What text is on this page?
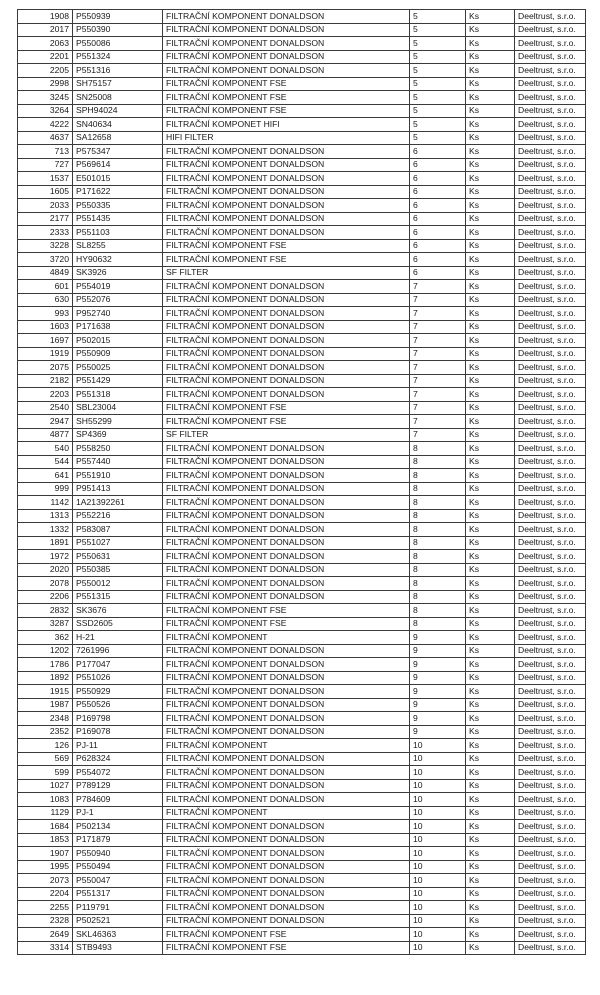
1908	P550939	FILTRAČNÍ KOMPONENT DONALDSON	5	Ks	Deeltrust, s.r.o.
2017	P550390	FILTRAČNÍ KOMPONENT DONALDSON	5	Ks	Deeltrust, s.r.o.
2063	P550086	FILTRAČNÍ KOMPONENT DONALDSON	5	Ks	Deeltrust, s.r.o.
2201	P551324	FILTRAČNÍ KOMPONENT DONALDSON	5	Ks	Deeltrust, s.r.o.
2205	P551316	FILTRAČNÍ KOMPONENT DONALDSON	5	Ks	Deeltrust, s.r.o.
2998	SH75157	FILTRAČNÍ KOMPONENT FSE	5	Ks	Deeltrust, s.r.o.
3245	SN25008	FILTRAČNÍ KOMPONENT FSE	5	Ks	Deeltrust, s.r.o.
3264	SPH94024	FILTRAČNÍ KOMPONENT FSE	5	Ks	Deeltrust, s.r.o.
4222	SN40634	FILTRAČNÍ KOMPONET HIFI	5	Ks	Deeltrust, s.r.o.
4637	SA12658	HIFI FILTER	5	Ks	Deeltrust, s.r.o.
713	P575347	FILTRAČNÍ KOMPONENT DONALDSON	6	Ks	Deeltrust, s.r.o.
727	P569614	FILTRAČNÍ KOMPONENT DONALDSON	6	Ks	Deeltrust, s.r.o.
1537	E501015	FILTRAČNÍ KOMPONENT DONALDSON	6	Ks	Deeltrust, s.r.o.
1605	P171622	FILTRAČNÍ KOMPONENT DONALDSON	6	Ks	Deeltrust, s.r.o.
2033	P550335	FILTRAČNÍ KOMPONENT DONALDSON	6	Ks	Deeltrust, s.r.o.
2177	P551435	FILTRAČNÍ KOMPONENT DONALDSON	6	Ks	Deeltrust, s.r.o.
2333	P551103	FILTRAČNÍ KOMPONENT DONALDSON	6	Ks	Deeltrust, s.r.o.
3228	SL8255	FILTRAČNÍ KOMPONENT FSE	6	Ks	Deeltrust, s.r.o.
3720	HY90632	FILTRAČNÍ KOMPONENT FSE	6	Ks	Deeltrust, s.r.o.
4849	SK3926	SF FILTER	6	Ks	Deeltrust, s.r.o.
601	P554019	FILTRAČNÍ KOMPONENT DONALDSON	7	Ks	Deeltrust, s.r.o.
630	P552076	FILTRAČNÍ KOMPONENT DONALDSON	7	Ks	Deeltrust, s.r.o.
993	P952740	FILTRAČNÍ KOMPONENT DONALDSON	7	Ks	Deeltrust, s.r.o.
1603	P171638	FILTRAČNÍ KOMPONENT DONALDSON	7	Ks	Deeltrust, s.r.o.
1697	P502015	FILTRAČNÍ KOMPONENT DONALDSON	7	Ks	Deeltrust, s.r.o.
1919	P550909	FILTRAČNÍ KOMPONENT DONALDSON	7	Ks	Deeltrust, s.r.o.
2075	P550025	FILTRAČNÍ KOMPONENT DONALDSON	7	Ks	Deeltrust, s.r.o.
2182	P551429	FILTRAČNÍ KOMPONENT DONALDSON	7	Ks	Deeltrust, s.r.o.
2203	P551318	FILTRAČNÍ KOMPONENT DONALDSON	7	Ks	Deeltrust, s.r.o.
2540	SBL23004	FILTRAČNÍ KOMPONENT FSE	7	Ks	Deeltrust, s.r.o.
2947	SH55299	FILTRAČNÍ KOMPONENT FSE	7	Ks	Deeltrust, s.r.o.
4877	SP4369	SF FILTER	7	Ks	Deeltrust, s.r.o.
540	P558250	FILTRAČNÍ KOMPONENT DONALDSON	8	Ks	Deeltrust, s.r.o.
544	P557440	FILTRAČNÍ KOMPONENT DONALDSON	8	Ks	Deeltrust, s.r.o.
641	P551910	FILTRAČNÍ KOMPONENT DONALDSON	8	Ks	Deeltrust, s.r.o.
999	P951413	FILTRAČNÍ KOMPONENT DONALDSON	8	Ks	Deeltrust, s.r.o.
1142	1A21392261	FILTRAČNÍ KOMPONENT DONALDSON	8	Ks	Deeltrust, s.r.o.
1313	P552216	FILTRAČNÍ KOMPONENT DONALDSON	8	Ks	Deeltrust, s.r.o.
1332	P583087	FILTRAČNÍ KOMPONENT DONALDSON	8	Ks	Deeltrust, s.r.o.
1891	P551027	FILTRAČNÍ KOMPONENT DONALDSON	8	Ks	Deeltrust, s.r.o.
1972	P550631	FILTRAČNÍ KOMPONENT DONALDSON	8	Ks	Deeltrust, s.r.o.
2020	P550385	FILTRAČNÍ KOMPONENT DONALDSON	8	Ks	Deeltrust, s.r.o.
2078	P550012	FILTRAČNÍ KOMPONENT DONALDSON	8	Ks	Deeltrust, s.r.o.
2206	P551315	FILTRAČNÍ KOMPONENT DONALDSON	8	Ks	Deeltrust, s.r.o.
2832	SK3676	FILTRAČNÍ KOMPONENT FSE	8	Ks	Deeltrust, s.r.o.
3287	SSD2605	FILTRAČNÍ KOMPONENT FSE	8	Ks	Deeltrust, s.r.o.
362	H-21	FILTRAČNÍ KOMPONENT	9	Ks	Deeltrust, s.r.o.
1202	7261996	FILTRAČNÍ KOMPONENT DONALDSON	9	Ks	Deeltrust, s.r.o.
1786	P177047	FILTRAČNÍ KOMPONENT DONALDSON	9	Ks	Deeltrust, s.r.o.
1892	P551026	FILTRAČNÍ KOMPONENT DONALDSON	9	Ks	Deeltrust, s.r.o.
1915	P550929	FILTRAČNÍ KOMPONENT DONALDSON	9	Ks	Deeltrust, s.r.o.
1987	P550526	FILTRAČNÍ KOMPONENT DONALDSON	9	Ks	Deeltrust, s.r.o.
2348	P169798	FILTRAČNÍ KOMPONENT DONALDSON	9	Ks	Deeltrust, s.r.o.
2352	P169078	FILTRAČNÍ KOMPONENT DONALDSON	9	Ks	Deeltrust, s.r.o.
126	PJ-11	FILTRAČNÍ KOMPONENT	10	Ks	Deeltrust, s.r.o.
569	P628324	FILTRAČNÍ KOMPONENT DONALDSON	10	Ks	Deeltrust, s.r.o.
599	P554072	FILTRAČNÍ KOMPONENT DONALDSON	10	Ks	Deeltrust, s.r.o.
1027	P789129	FILTRAČNÍ KOMPONENT DONALDSON	10	Ks	Deeltrust, s.r.o.
1083	P784609	FILTRAČNÍ KOMPONENT DONALDSON	10	Ks	Deeltrust, s.r.o.
1129	PJ-1	FILTRAČNÍ KOMPONENT	10	Ks	Deeltrust, s.r.o.
1684	P502134	FILTRAČNÍ KOMPONENT DONALDSON	10	Ks	Deeltrust, s.r.o.
1853	P171879	FILTRAČNÍ KOMPONENT DONALDSON	10	Ks	Deeltrust, s.r.o.
1907	P550940	FILTRAČNÍ KOMPONENT DONALDSON	10	Ks	Deeltrust, s.r.o.
1995	P550494	FILTRAČNÍ KOMPONENT DONALDSON	10	Ks	Deeltrust, s.r.o.
2073	P550047	FILTRAČNÍ KOMPONENT DONALDSON	10	Ks	Deeltrust, s.r.o.
2204	P551317	FILTRAČNÍ KOMPONENT DONALDSON	10	Ks	Deeltrust, s.r.o.
2255	P119791	FILTRAČNÍ KOMPONENT DONALDSON	10	Ks	Deeltrust, s.r.o.
2328	P502521	FILTRAČNÍ KOMPONENT DONALDSON	10	Ks	Deeltrust, s.r.o.
2649	SKL46363	FILTRAČNÍ KOMPONENT FSE	10	Ks	Deeltrust, s.r.o.
3314	STB9493	FILTRAČNÍ KOMPONENT FSE	10	Ks	Deeltrust, s.r.o.
